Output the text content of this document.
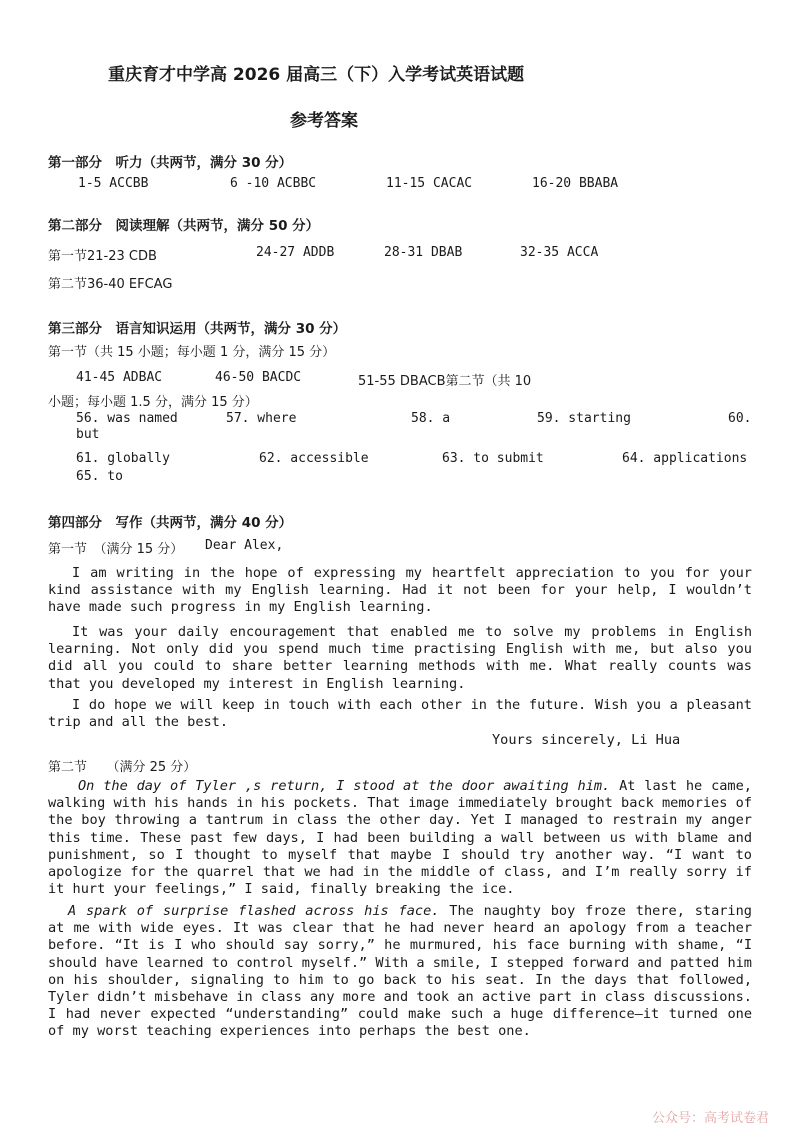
重庆育才中学高 2026 届高三（下）入学考试英语试题
参考答案
第一部分　听力（共两节，满分 30 分）
1-5 ACCBB	6 -10 ACBBC	11-15 CACAC	16-20 BBABA
第二部分　阅读理解（共两节，满分 50 分）
第一节21-23 CDB	24-27 ADDB	28-31 DBAB	32-35 ACCA
第二节36-40 EFCAG
第三部分　语言知识运用（共两节，满分 30 分）
第一节（共 15 小题；每小题 1 分，满分 15 分）
41-45 ADBAC	46-50 BACDC	51-55 DBACB第二节（共 10
小题；每小题 1.5 分，满分 15 分）
56. was named	57. where	58. a	59. starting	60.
but
61. globally	62. accessible	63. to submit	64. applications
65. to
第四部分　写作（共两节，满分 40 分）
第一节　（满分 15 分） Dear Alex,
I am writing in the hope of expressing my heartfelt appreciation to you for your kind assistance with my English learning. Had it not been for your help, I wouldn’t have made such progress in my English learning.
It was your daily encouragement that enabled me to solve my problems in English learning. Not only did you spend much time practising English with me, but also you did all you could to share better learning methods with me. What really counts was that you developed my interest in English learning.
I do hope we will keep in touch with each other in the future. Wish you a pleasant trip and all the best.
Yours sincerely, Li Hua
第二节　　（满分 25 分）
On the day of Tyler ,s return, I stood at the door awaiting him. At last he came, walking with his hands in his pockets. That image immediately brought back memories of the boy throwing a tantrum in class the other day. Yet I managed to restrain my anger this time. These past few days, I had been building a wall between us with blame and punishment, so I thought to myself that maybe I should try another way. “I want to apologize for the quarrel that we had in the middle of class, and I’m really sorry if it hurt your feelings,” I said, finally breaking the ice.
A spark of surprise flashed across his face. The naughty boy froze there, staring at me with wide eyes. It was clear that he had never heard an apology from a teacher before. “It is I who should say sorry,” he murmured, his face burning with shame, “I should have learned to control myself.” With a smile, I stepped forward and patted him on his shoulder, signaling to him to go back to his seat. In the days that followed, Tyler didn’t misbehave in class any more and took an active part in class discussions. I had never expected “understanding” could make such a huge difference—it turned one of my worst teaching experiences into perhaps the best one.
公众号：高考试卷君
